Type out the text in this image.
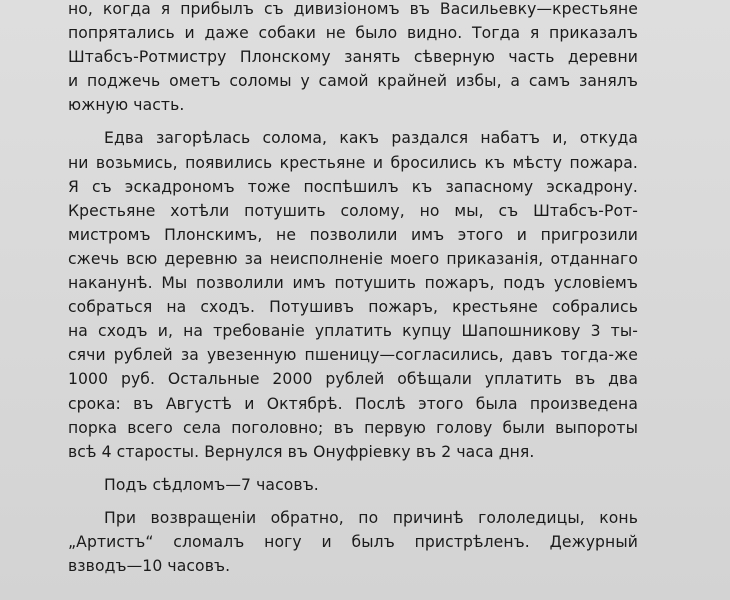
но, когда я прибылъ съ дивизiономъ въ Васильевку—крестьяне
попрятались и даже собаки не было видно. Тогда я приказалъ
Штабсъ-Ротмистру Плонскому занять сѣверную часть деревни
и поджечь ометъ соломы у самой крайней избы, а самъ занялъ
южную часть.
Едва загорѣлась солома, какъ раздался набатъ и, откуда
ни возьмись, появились крестьяне и бросились къ мѣсту пожара.
Я съ эскадрономъ тоже поспѣшилъ къ запасному эскадрону.
Крестьяне хотѣли потушить солому, но мы, съ Штабсъ-Рот-
мистромъ Плонскимъ, не позволили имъ этого и пригрозили
сжечь всю деревню за неисполненiе моего приказанiя, отданнаго
наканунѣ. Мы позволили имъ потушить пожаръ, подъ условiемъ
собраться на сходъ. Потушивъ пожаръ, крестьяне собрались
на сходъ и, на требованiе уплатить купцу Шапошникову 3 ты-
сячи рублей за увезенную пшеницу—согласились, давъ тогда-же
1000 руб. Остальные 2000 рублей обѣщали уплатить въ два
срока: въ Августѣ и Октябрѣ. Послѣ этого была произведена
порка всего села поголовно; въ первую голову были выпороты
всѣ 4 старосты. Вернулся въ Онуфрiевку въ 2 часа дня.
Подъ сѣдломъ—7 часовъ.
При возвращенiи обратно, по причинѣ гололедицы, конь
„Артистъ“ сломалъ ногу и былъ пристрѣленъ. Дежурный
взводъ—10 часовъ.
